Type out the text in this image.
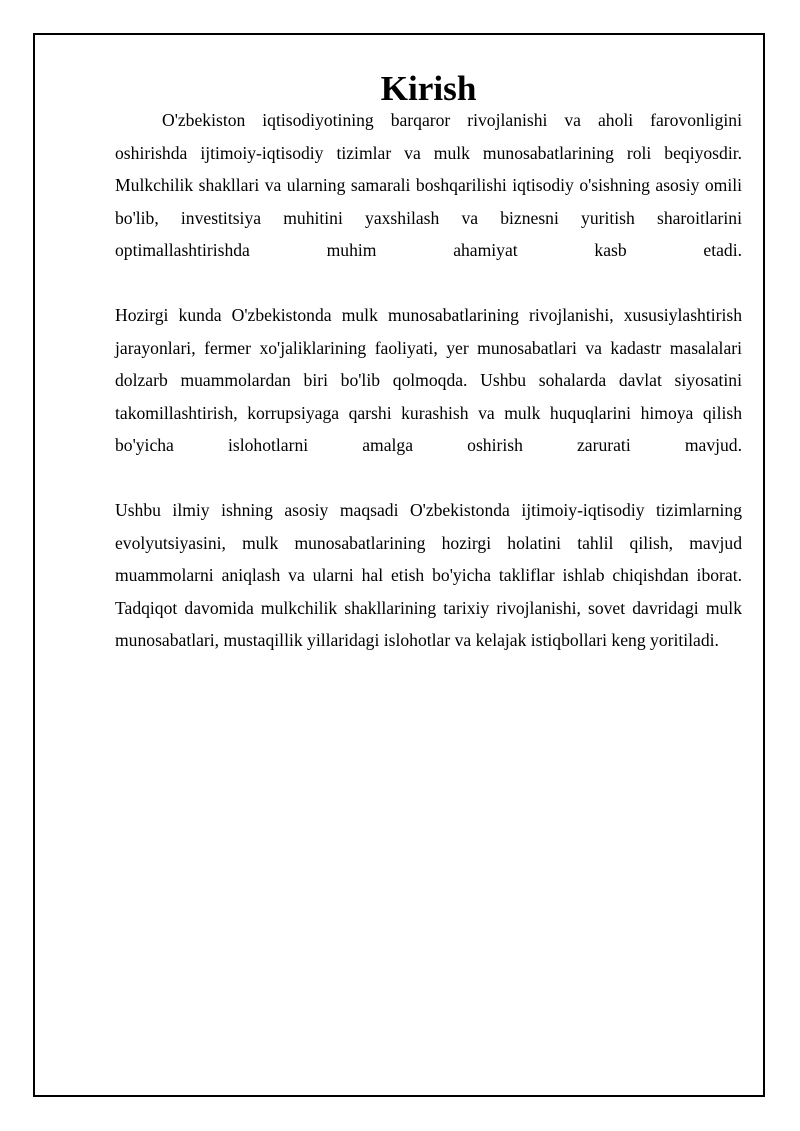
Kirish

O'zbekiston iqtisodiyotining barqaror rivojlanishi va aholi farovonligini oshirishda ijtimoiy-iqtisodiy tizimlar va mulk munosabatlarining roli beqiyosdir. Mulkchilik shakllari va ularning samarali boshqarilishi iqtisodiy o'sishning asosiy omili bo'lib, investitsiya muhitini yaxshilash va biznesni yuritish sharoitlarini optimallashtirishda muhim ahamiyat kasb etadi.

Hozirgi kunda O'zbekistonda mulk munosabatlarining rivojlanishi, xususiylashtirish jarayonlari, fermer xo'jaliklarining faoliyati, yer munosabatlari va kadastr masalalari dolzarb muammolardan biri bo'lib qolmoqda. Ushbu sohalarda davlat siyosatini takomillashtirish, korrupsiyaga qarshi kurashish va mulk huquqlarini himoya qilish bo'yicha islohotlarni amalga oshirish zarurati mavjud.

Ushbu ilmiy ishning asosiy maqsadi O'zbekistonda ijtimoiy-iqtisodiy tizimlarning evolyutsiyasini, mulk munosabatlarining hozirgi holatini tahlil qilish, mavjud muammolarni aniqlash va ularni hal etish bo'yicha takliflar ishlab chiqishdan iborat. Tadqiqot davomida mulkchilik shakllarining tarixiy rivojlanishi, sovet davridagi mulk munosabatlari, mustaqillik yillaridagi islohotlar va kelajak istiqbollari keng yoritiladi.
